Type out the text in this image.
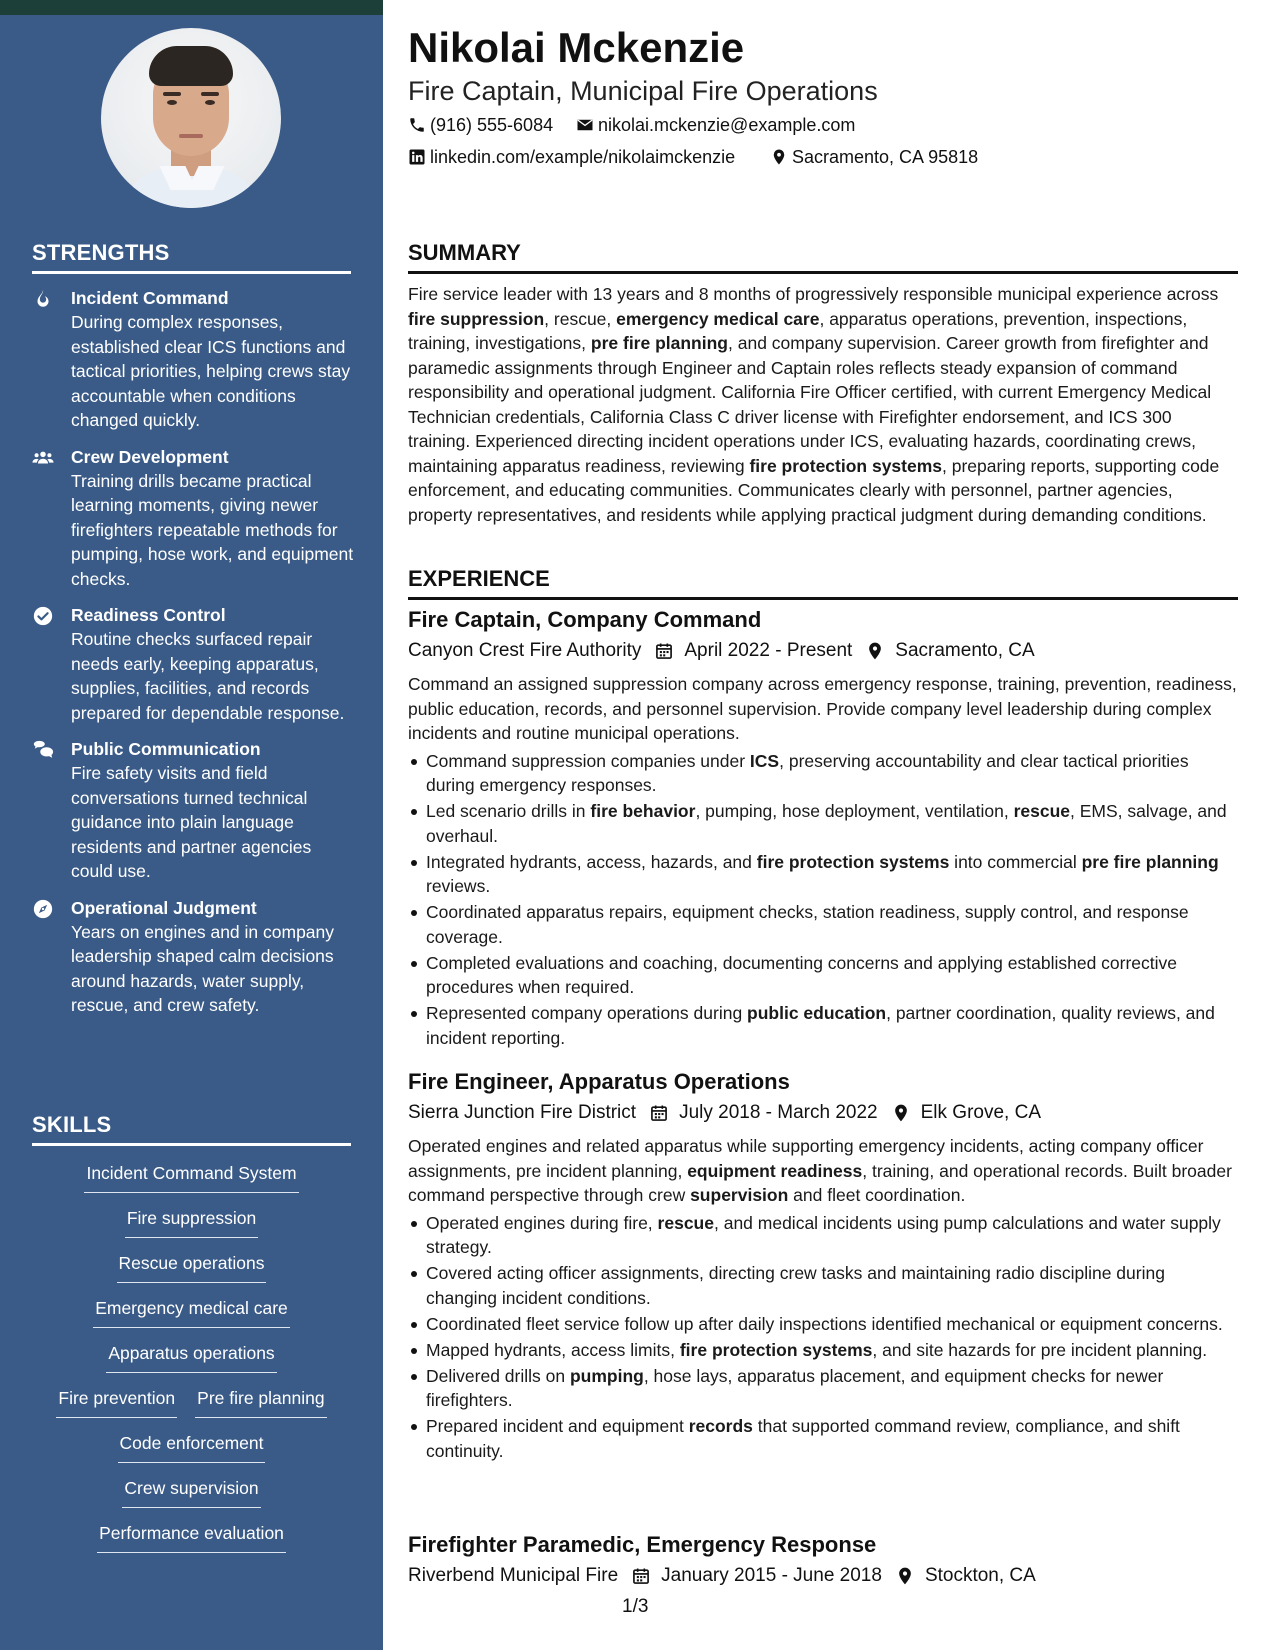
STRENGTHS
Incident Command
During complex responses, established clear ICS functions and tactical priorities, helping crews stay accountable when conditions changed quickly.
Crew Development
Training drills became practical learning moments, giving newer firefighters repeatable methods for pumping, hose work, and equipment checks.
Readiness Control
Routine checks surfaced repair needs early, keeping apparatus, supplies, facilities, and records prepared for dependable response.
Public Communication
Fire safety visits and field conversations turned technical guidance into plain language residents and partner agencies could use.
Operational Judgment
Years on engines and in company leadership shaped calm decisions around hazards, water supply, rescue, and crew safety.
SKILLS
Incident Command System
Fire suppression
Rescue operations
Emergency medical care
Apparatus operations
Fire prevention Pre fire planning
Code enforcement
Crew supervision
Performance evaluation
Nikolai Mckenzie
Fire Captain, Municipal Fire Operations
(916) 555-6084 nikolai.mckenzie@example.com
linkedin.com/example/nikolaimckenzie	Sacramento, CA 95818
SUMMARY
Fire service leader with 13 years and 8 months of progressively responsible municipal experience across fire suppression, rescue, emergency medical care, apparatus operations, prevention, inspections, training, investigations, pre fire planning, and company supervision. Career growth from firefighter and paramedic assignments through Engineer and Captain roles reflects steady expansion of command responsibility and operational judgment. California Fire Officer certified, with current Emergency Medical Technician credentials, California Class C driver license with Firefighter endorsement, and ICS 300 training. Experienced directing incident operations under ICS, evaluating hazards, coordinating crews, maintaining apparatus readiness, reviewing fire protection systems, preparing reports, supporting code enforcement, and educating communities. Communicates clearly with personnel, partner agencies, property representatives, and residents while applying practical judgment during demanding conditions.
EXPERIENCE
Fire Captain, Company Command
Canyon Crest Fire Authority April 2022 - Present Sacramento, CA
Command an assigned suppression company across emergency response, training, prevention, readiness, public education, records, and personnel supervision. Provide company level leadership during complex incidents and routine municipal operations.
Command suppression companies under ICS, preserving accountability and clear tactical priorities during emergency responses.
Led scenario drills in fire behavior, pumping, hose deployment, ventilation, rescue, EMS, salvage, and overhaul.
Integrated hydrants, access, hazards, and fire protection systems into commercial pre fire planning reviews.
Coordinated apparatus repairs, equipment checks, station readiness, supply control, and response coverage.
Completed evaluations and coaching, documenting concerns and applying established corrective procedures when required.
Represented company operations during public education, partner coordination, quality reviews, and incident reporting.
Fire Engineer, Apparatus Operations
Sierra Junction Fire District July 2018 - March 2022 Elk Grove, CA
Operated engines and related apparatus while supporting emergency incidents, acting company officer assignments, pre incident planning, equipment readiness, training, and operational records. Built broader command perspective through crew supervision and fleet coordination.
Operated engines during fire, rescue, and medical incidents using pump calculations and water supply strategy.
Covered acting officer assignments, directing crew tasks and maintaining radio discipline during changing incident conditions.
Coordinated fleet service follow up after daily inspections identified mechanical or equipment concerns.
Mapped hydrants, access limits, fire protection systems, and site hazards for pre incident planning.
Delivered drills on pumping, hose lays, apparatus placement, and equipment checks for newer firefighters.
Prepared incident and equipment records that supported command review, compliance, and shift continuity.
Firefighter Paramedic, Emergency Response
Riverbend Municipal Fire January 2015 - June 2018 Stockton, CA
1/3
